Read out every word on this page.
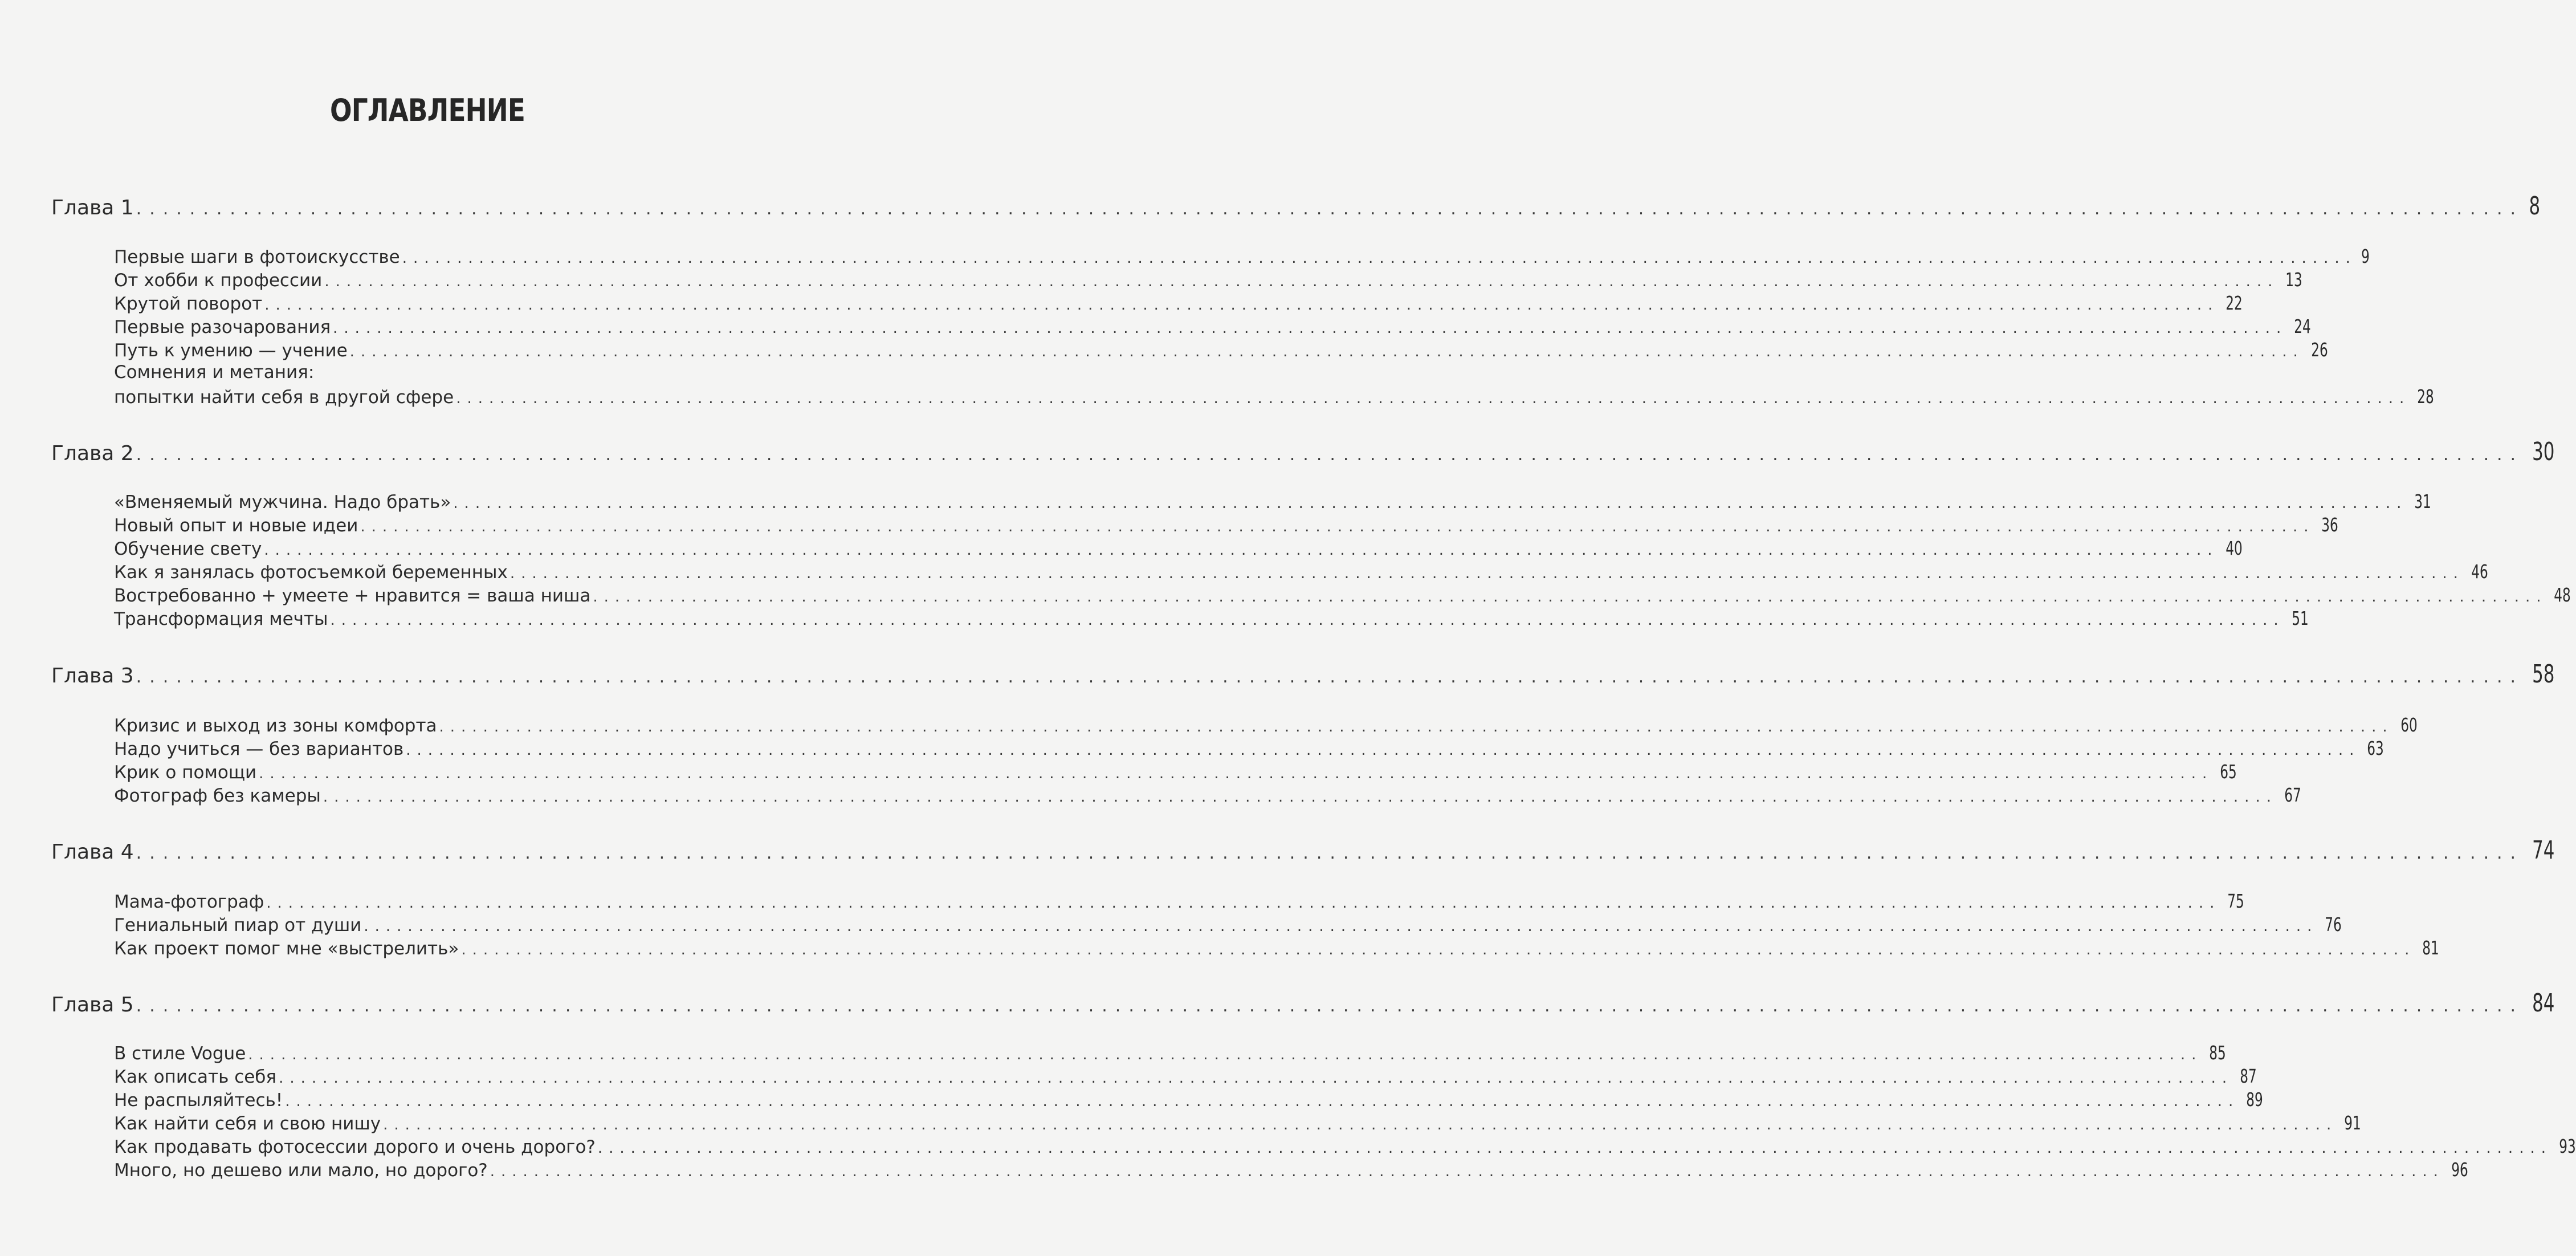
ОГЛАВЛЕНИЕ
Глава 1 .................................................................................................................................................................................. 8
Первые шаги в фотоискусстве .................................................................................................................................................................................. 9
От хобби к профессии .................................................................................................................................................................................. 13
Крутой поворот .................................................................................................................................................................................. 22
Первые разочарования .................................................................................................................................................................................. 24
Путь к умению — учение .................................................................................................................................................................................. 26
Сомнения и метания:
попытки найти себя в другой сфере .................................................................................................................................................................................. 28
Глава 2 .................................................................................................................................................................................. 30
«Вменяемый мужчина. Надо брать» .................................................................................................................................................................................. 31
Новый опыт и новые идеи .................................................................................................................................................................................. 36
Обучение свету .................................................................................................................................................................................. 40
Как я занялась фотосъемкой беременных .................................................................................................................................................................................. 46
Востребованно + умеете + нравится = ваша ниша .................................................................................................................................................................................. 48
Трансформация мечты .................................................................................................................................................................................. 51
Глава 3 .................................................................................................................................................................................. 58
Кризис и выход из зоны комфорта .................................................................................................................................................................................. 60
Надо учиться — без вариантов .................................................................................................................................................................................. 63
Крик о помощи .................................................................................................................................................................................. 65
Фотограф без камеры .................................................................................................................................................................................. 67
Глава 4 .................................................................................................................................................................................. 74
Мама-фотограф .................................................................................................................................................................................. 75
Гениальный пиар от души .................................................................................................................................................................................. 76
Как проект помог мне «выстрелить» .................................................................................................................................................................................. 81
Глава 5 .................................................................................................................................................................................. 84
В стиле Vogue .................................................................................................................................................................................. 85
Как описать себя .................................................................................................................................................................................. 87
Не распыляйтесь! .................................................................................................................................................................................. 89
Как найти себя и свою нишу .................................................................................................................................................................................. 91
Как продавать фотосессии дорого и очень дорого? .................................................................................................................................................................................. 93
Много, но дешево или мало, но дорого? .................................................................................................................................................................................. 96
